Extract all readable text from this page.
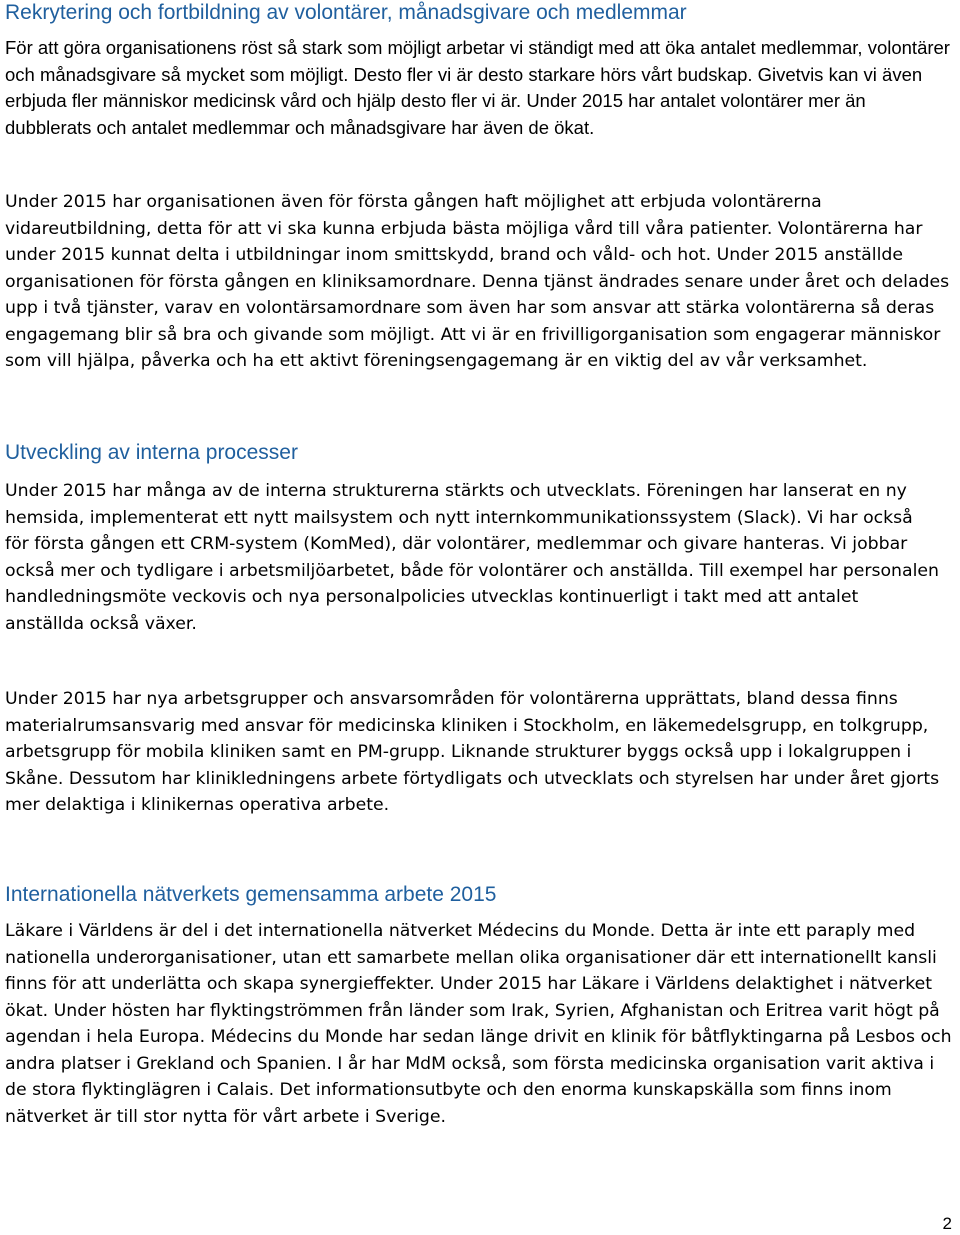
Rekrytering och fortbildning av volontärer, månadsgivare och medlemmar

För att göra organisationens röst så stark som möjligt arbetar vi ständigt med att öka antalet medlemmar, volontärer och månadsgivare så mycket som möjligt. Desto fler vi är desto starkare hörs vårt budskap. Givetvis kan vi även erbjuda fler människor medicinsk vård och hjälp desto fler vi är. Under 2015 har antalet volontärer mer än dubblerats och antalet medlemmar och månadsgivare har även de ökat.

Under 2015 har organisationen även för första gången haft möjlighet att erbjuda volontärerna vidareutbildning, detta för att vi ska kunna erbjuda bästa möjliga vård till våra patienter. Volontärerna har under 2015 kunnat delta i utbildningar inom smittskydd, brand och våld- och hot. Under 2015 anställde organisationen för första gången en kliniksamordnare. Denna tjänst ändrades senare under året och delades upp i två tjänster, varav en volontärsamordnare som även har som ansvar att stärka volontärerna så deras engagemang blir så bra och givande som möjligt. Att vi är en frivilligorganisation som engagerar människor som vill hjälpa, påverka och ha ett aktivt föreningsengagemang är en viktig del av vår verksamhet.

Utveckling av interna processer

Under 2015 har många av de interna strukturerna stärkts och utvecklats. Föreningen har lanserat en ny hemsida, implementerat ett nytt mailsystem och nytt internkommunikationssystem (Slack). Vi har också för första gången ett CRM-system (KomMed), där volontärer, medlemmar och givare hanteras. Vi jobbar också mer och tydligare i arbetsmiljöarbetet, både för volontärer och anställda. Till exempel har personalen handledningsmöte veckovis och nya personalpolicies utvecklas kontinuerligt i takt med att antalet anställda också växer.

Under 2015 har nya arbetsgrupper och ansvarsområden för volontärerna upprättats, bland dessa finns materialrumsansvarig med ansvar för medicinska kliniken i Stockholm, en läkemedelsgrupp, en tolkgrupp, arbetsgrupp för mobila kliniken samt en PM-grupp. Liknande strukturer byggs också upp i lokalgruppen i Skåne. Dessutom har klinikledningens arbete förtydligats och utvecklats och styrelsen har under året gjorts mer delaktiga i klinikernas operativa arbete.

Internationella nätverkets gemensamma arbete 2015

Läkare i Världens är del i det internationella nätverket Médecins du Monde. Detta är inte ett paraply med nationella underorganisationer, utan ett samarbete mellan olika organisationer där ett internationellt kansli finns för att underlätta och skapa synergieffekter. Under 2015 har Läkare i Världens delaktighet i nätverket ökat. Under hösten har flyktingströmmen från länder som Irak, Syrien, Afghanistan och Eritrea varit högt på agendan i hela Europa. Médecins du Monde har sedan länge drivit en klinik för båtflyktingarna på Lesbos och andra platser i Grekland och Spanien. I år har MdM också, som första medicinska organisation varit aktiva i de stora flyktinglägren i Calais. Det informationsutbyte och den enorma kunskapskälla som finns inom nätverket är till stor nytta för vårt arbete i Sverige.

2
